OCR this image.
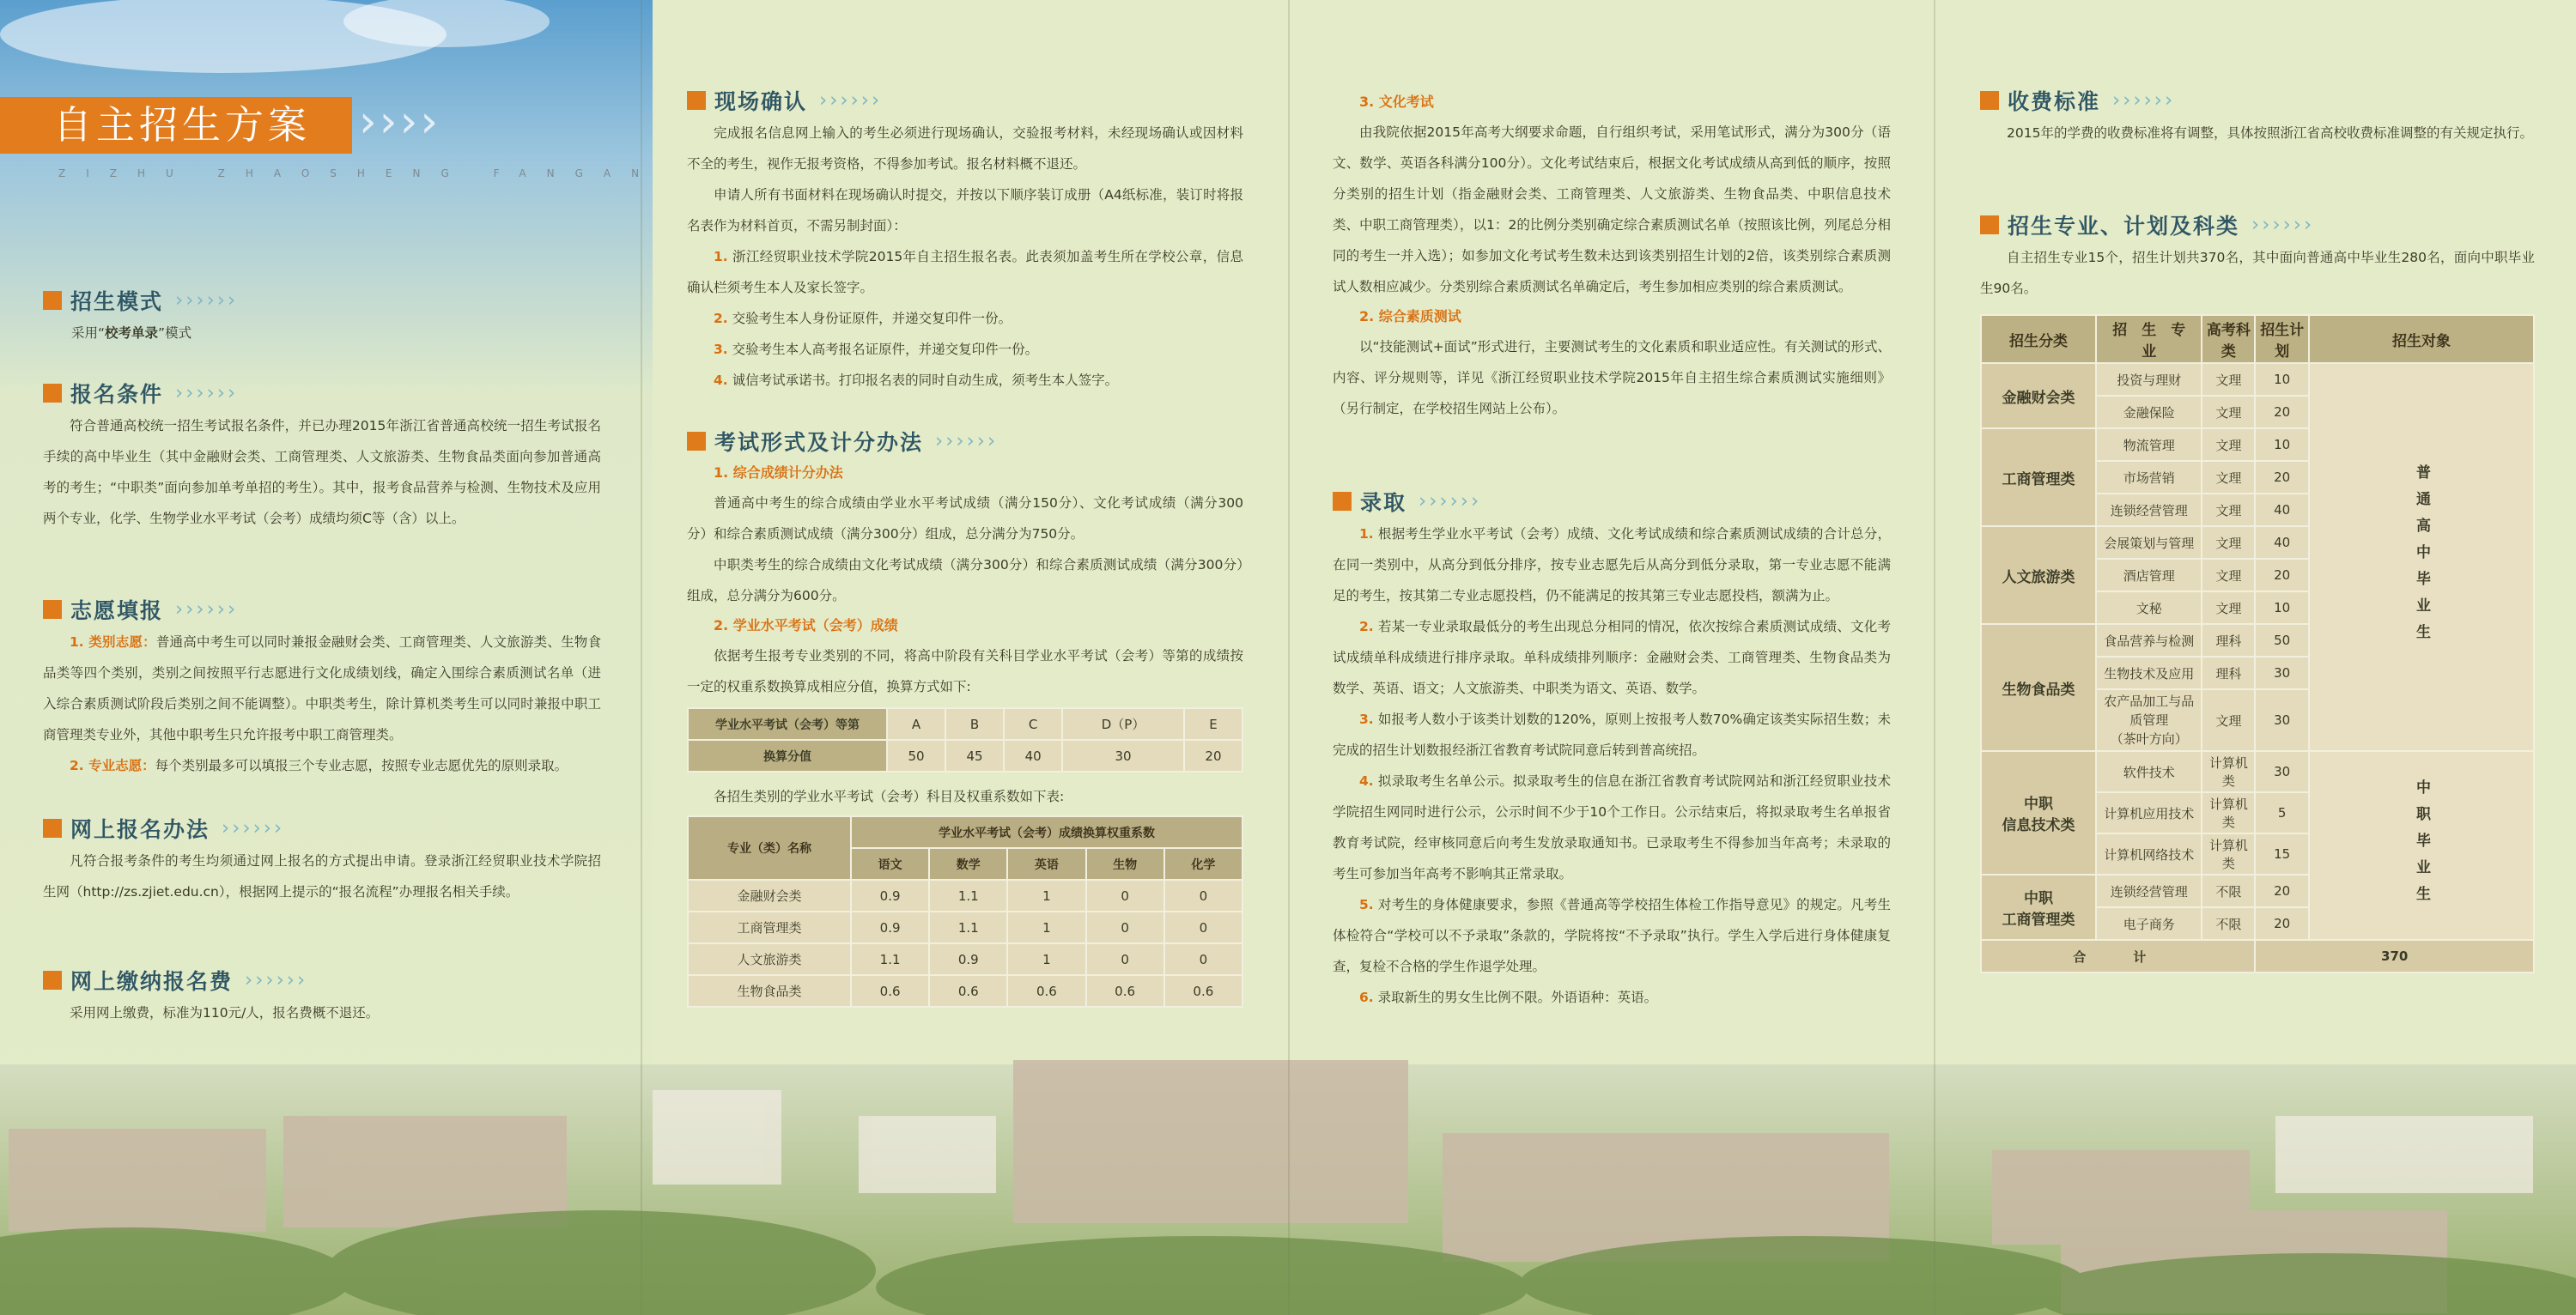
自主招生方案	››››
ZIZHU ZHAOSHENG FANGAN
招生模式 ››››››

采用“校考单录”模式

报名条件 ››››››

符合普通高校统一招生考试报名条件，并已办理2015年浙江省普通高校统一招生考试报名手续的高中毕业生（其中金融财会类、工商管理类、人文旅游类、生物食品类面向参加普通高考的考生；“中职类”面向参加单考单招的考生）。其中，报考食品营养与检测、生物技术及应用两个专业，化学、生物学业水平考试（会考）成绩均须C等（含）以上。

志愿填报 ››››››

1. 类别志愿：普通高中考生可以同时兼报金融财会类、工商管理类、人文旅游类、生物食品类等四个类别，类别之间按照平行志愿进行文化成绩划线，确定入围综合素质测试名单（进入综合素质测试阶段后类别之间不能调整）。中职类考生，除计算机类考生可以同时兼报中职工商管理类专业外，其他中职考生只允许报考中职工商管理类。

2. 专业志愿：每个类别最多可以填报三个专业志愿，按照专业志愿优先的原则录取。

网上报名办法 ››››››

凡符合报考条件的考生均须通过网上报名的方式提出申请。登录浙江经贸职业技术学院招生网（http://zs.zjiet.edu.cn），根据网上提示的“报名流程”办理报名相关手续。

网上缴纳报名费 ››››››

采用网上缴费，标准为110元/人，报名费概不退还。

现场确认 ››››››

完成报名信息网上输入的考生必须进行现场确认，交验报考材料，未经现场确认或因材料不全的考生，视作无报考资格，不得参加考试。报名材料概不退还。

申请人所有书面材料在现场确认时提交，并按以下顺序装订成册（A4纸标准，装订时将报名表作为材料首页，不需另制封面）：

1. 浙江经贸职业技术学院2015年自主招生报名表。此表须加盖考生所在学校公章，信息确认栏须考生本人及家长签字。

2. 交验考生本人身份证原件，并递交复印件一份。

3. 交验考生本人高考报名证原件，并递交复印件一份。

4. 诚信考试承诺书。打印报名表的同时自动生成，须考生本人签字。

考试形式及计分办法 ››››››
1. 综合成绩计分办法

普通高中考生的综合成绩由学业水平考试成绩（满分150分）、文化考试成绩（满分300分）和综合素质测试成绩（满分300分）组成，总分满分为750分。

中职类考生的综合成绩由文化考试成绩（满分300分）和综合素质测试成绩（满分300分）组成，总分满分为600分。

2. 学业水平考试（会考）成绩

依据考生报考专业类别的不同，将高中阶段有关科目学业水平考试（会考）等第的成绩按一定的权重系数换算成相应分值，换算方式如下:

学业水平考试（会考）等第	A	B	C	D（P）	E
换算分值	50	45	40	30	20

各招生类别的学业水平考试（会考）科目及权重系数如下表:

专业（类）名称	学业水平考试（会考）成绩换算权重系数				
	语文	数学	英语	生物	化学
金融财会类	0.9	1.1	1	0	0
工商管理类	0.9	1.1	1	0	0
人文旅游类	1.1	0.9	1	0	0
生物食品类	0.6	0.6	0.6	0.6	0.6
3. 文化考试

由我院依据2015年高考大纲要求命题，自行组织考试，采用笔试形式，满分为300分（语文、数学、英语各科满分100分）。文化考试结束后，根据文化考试成绩从高到低的顺序，按照分类别的招生计划（指金融财会类、工商管理类、人文旅游类、生物食品类、中职信息技术类、中职工商管理类），以1：2的比例分类别确定综合素质测试名单（按照该比例，列尾总分相同的考生一并入选）；如参加文化考试考生数未达到该类别招生计划的2倍，该类别综合素质测试人数相应减少。分类别综合素质测试名单确定后，考生参加相应类别的综合素质测试。

2. 综合素质测试

以“技能测试+面试”形式进行，主要测试考生的文化素质和职业适应性。有关测试的形式、内容、评分规则等，详见《浙江经贸职业技术学院2015年自主招生综合素质测试实施细则》（另行制定，在学校招生网站上公布）。

录取 ››››››

1. 根据考生学业水平考试（会考）成绩、文化考试成绩和综合素质测试成绩的合计总分，在同一类别中，从高分到低分排序，按专业志愿先后从高分到低分录取，第一专业志愿不能满足的考生，按其第二专业志愿投档，仍不能满足的按其第三专业志愿投档，额满为止。

2. 若某一专业录取最低分的考生出现总分相同的情况，依次按综合素质测试成绩、文化考试成绩单科成绩进行排序录取。单科成绩排列顺序：金融财会类、工商管理类、生物食品类为数学、英语、语文；人文旅游类、中职类为语文、英语、数学。

3. 如报考人数小于该类计划数的120%，原则上按报考人数70%确定该类实际招生数；未完成的招生计划数报经浙江省教育考试院同意后转到普高统招。

4. 拟录取考生名单公示。拟录取考生的信息在浙江省教育考试院网站和浙江经贸职业技术学院招生网同时进行公示，公示时间不少于10个工作日。公示结束后，将拟录取考生名单报省教育考试院，经审核同意后向考生发放录取通知书。已录取考生不得参加当年高考；未录取的考生可参加当年高考不影响其正常录取。

5. 对考生的身体健康要求，参照《普通高等学校招生体检工作指导意见》的规定。凡考生体检符合“学校可以不予录取”条款的，学院将按“不予录取”执行。学生入学后进行身体健康复查，复检不合格的学生作退学处理。

6. 录取新生的男女生比例不限。外语语种：英语。

收费标准 ››››››

2015年的学费的收费标准将有调整，具体按照浙江省高校收费标准调整的有关规定执行。

招生专业、计划及科类 ››››››

自主招生专业15个，招生计划共370名，其中面向普通高中毕业生280名，面向中职毕业生90名。

招生分类	招　生　专　业	高考科类	招生计划	招生对象
金融财会类	投资与理财	文理	10	普通高中毕业生
	金融保险	文理	20	
工商管理类	物流管理	文理	10	
	市场营销	文理	20	
	连锁经营管理	文理	40	
人文旅游类	会展策划与管理	文理	40	
	酒店管理	文理	20	
	文秘	文理	10	
生物食品类	食品营养与检测	理科	50	
	生物技术及应用	理科	30	
	农产品加工与品质管理
（茶叶方向）	文理	30	
中职
信息技术类	软件技术	计算机类	30	中职毕业生
	计算机应用技术	计算机类	5	
	计算机网络技术	计算机类	15	
中职
工商管理类	连锁经营管理	不限	20	
	电子商务	不限	20	
合　计			370	
